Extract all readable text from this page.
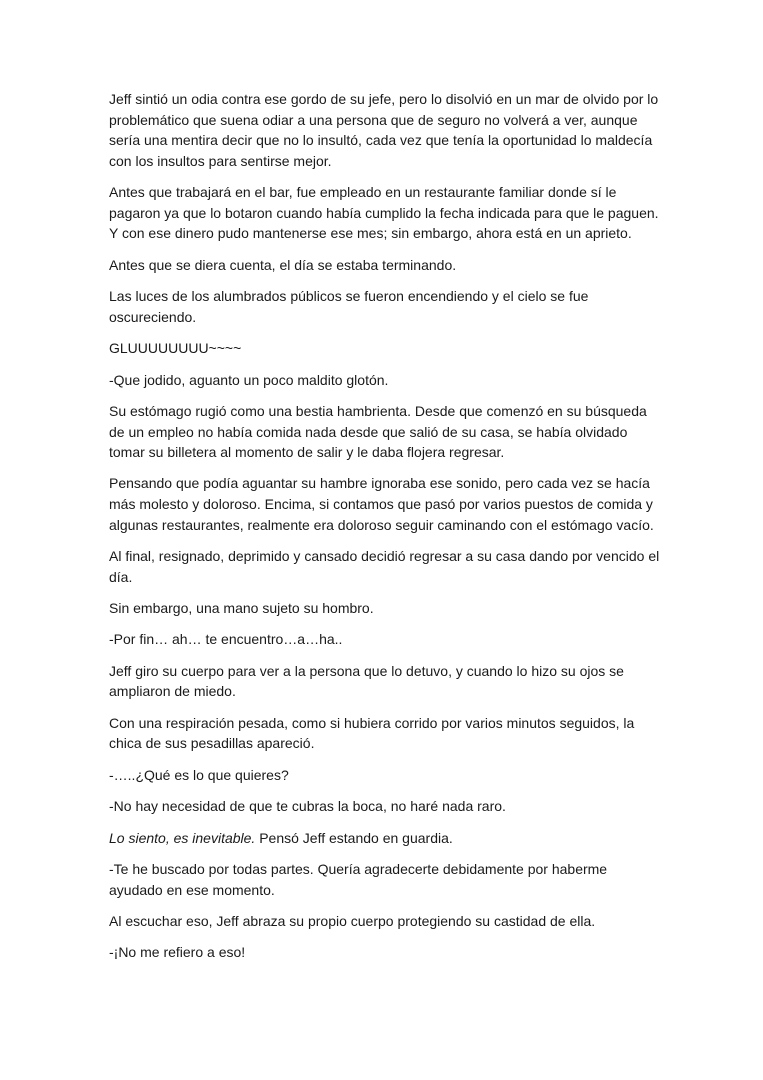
Jeff sintió un odia contra ese gordo de su jefe, pero lo disolvió en un mar de olvido por lo problemático que suena odiar a una persona que de seguro no volverá a ver, aunque sería una mentira decir que no lo insultó, cada vez que tenía la oportunidad lo maldecía con los insultos para sentirse mejor.

Antes que trabajará en el bar, fue empleado en un restaurante familiar donde sí le pagaron ya que lo botaron cuando había cumplido la fecha indicada para que le paguen. Y con ese dinero pudo mantenerse ese mes; sin embargo, ahora está en un aprieto.

Antes que se diera cuenta, el día se estaba terminando.

Las luces de los alumbrados públicos se fueron encendiendo y el cielo se fue oscureciendo.

GLUUUUUUUU~~~~

-Que jodido, aguanto un poco maldito glotón.

Su estómago rugió como una bestia hambrienta. Desde que comenzó en su búsqueda de un empleo no había comida nada desde que salió de su casa, se había olvidado tomar su billetera al momento de salir y le daba flojera regresar.

Pensando que podía aguantar su hambre ignoraba ese sonido, pero cada vez se hacía más molesto y doloroso. Encima, si contamos que pasó por varios puestos de comida y algunas restaurantes, realmente era doloroso seguir caminando con el estómago vacío.

Al final, resignado, deprimido y cansado decidió regresar a su casa dando por vencido el día.

Sin embargo, una mano sujeto su hombro.

-Por fin… ah… te encuentro…a…ha..

Jeff giro su cuerpo para ver a la persona que lo detuvo, y cuando lo hizo su ojos se ampliaron de miedo.

Con una respiración pesada, como si hubiera corrido por varios minutos seguidos, la chica de sus pesadillas apareció.

-…..¿Qué es lo que quieres?

-No hay necesidad de que te cubras la boca, no haré nada raro.

Lo siento, es inevitable. Pensó Jeff estando en guardia.

-Te he buscado por todas partes. Quería agradecerte debidamente por haberme ayudado en ese momento.

Al escuchar eso, Jeff abraza su propio cuerpo protegiendo su castidad de ella.

-¡No me refiero a eso!
